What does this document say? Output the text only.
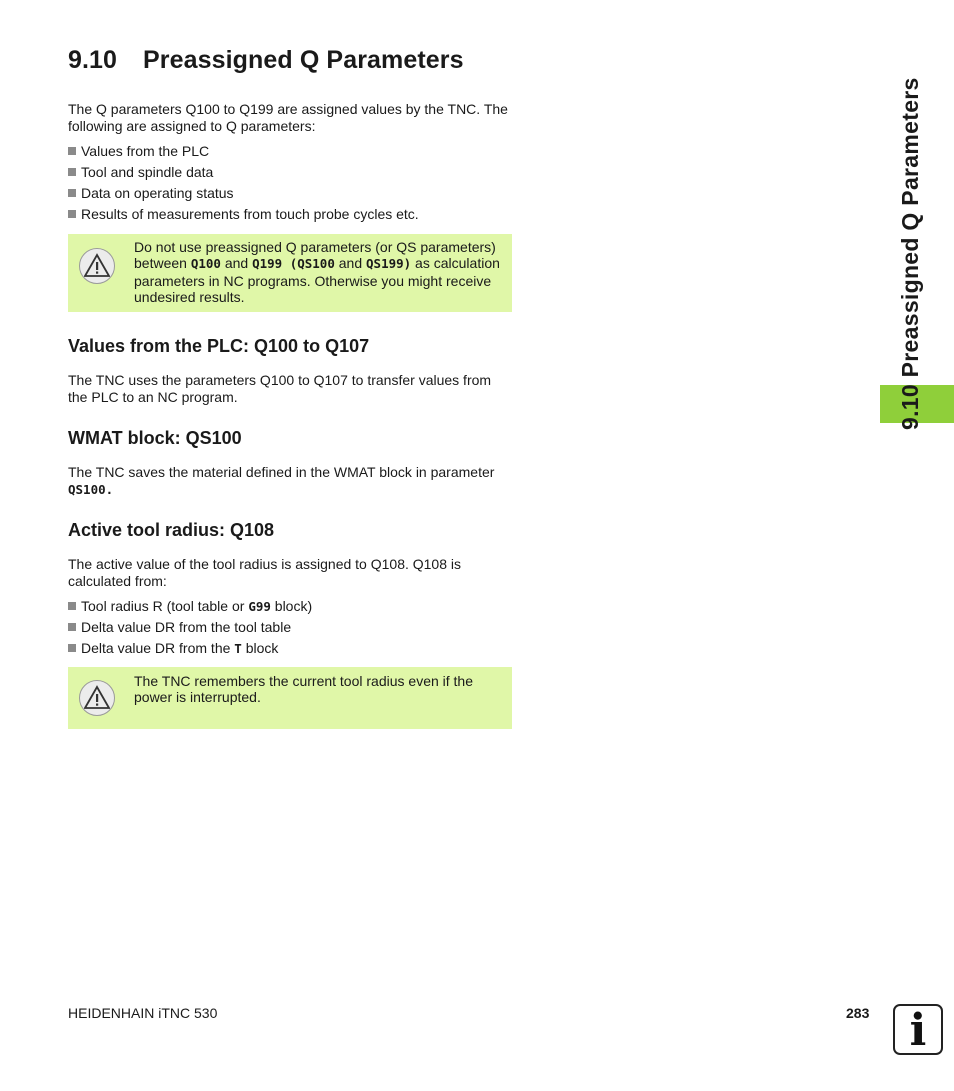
9.10 Preassigned Q Parameters

The Q parameters Q100 to Q199 are assigned values by the TNC. The following are assigned to Q parameters:

Values from the PLC
Tool and spindle data
Data on operating status
Results of measurements from touch probe cycles etc.
Do not use preassigned Q parameters (or QS parameters)
between Q100 and Q199 (QS100 and QS199) as calculation parameters in NC programs. Otherwise you might receive undesired results.
Values from the PLC: Q100 to Q107

The TNC uses the parameters Q100 to Q107 to transfer values from the PLC to an NC program.

WMAT block: QS100

The TNC saves the material defined in the WMAT block in parameter
QS100.

Active tool radius: Q108

The active value of the tool radius is assigned to Q108. Q108 is calculated from:

Tool radius R (tool table or G99 block)
Delta value DR from the tool table
Delta value DR from the T block
The TNC remembers the current tool radius even if the power is interrupted.
9.10 Preassigned Q Parameters
HEIDENHAIN iTNC 530	283 i
